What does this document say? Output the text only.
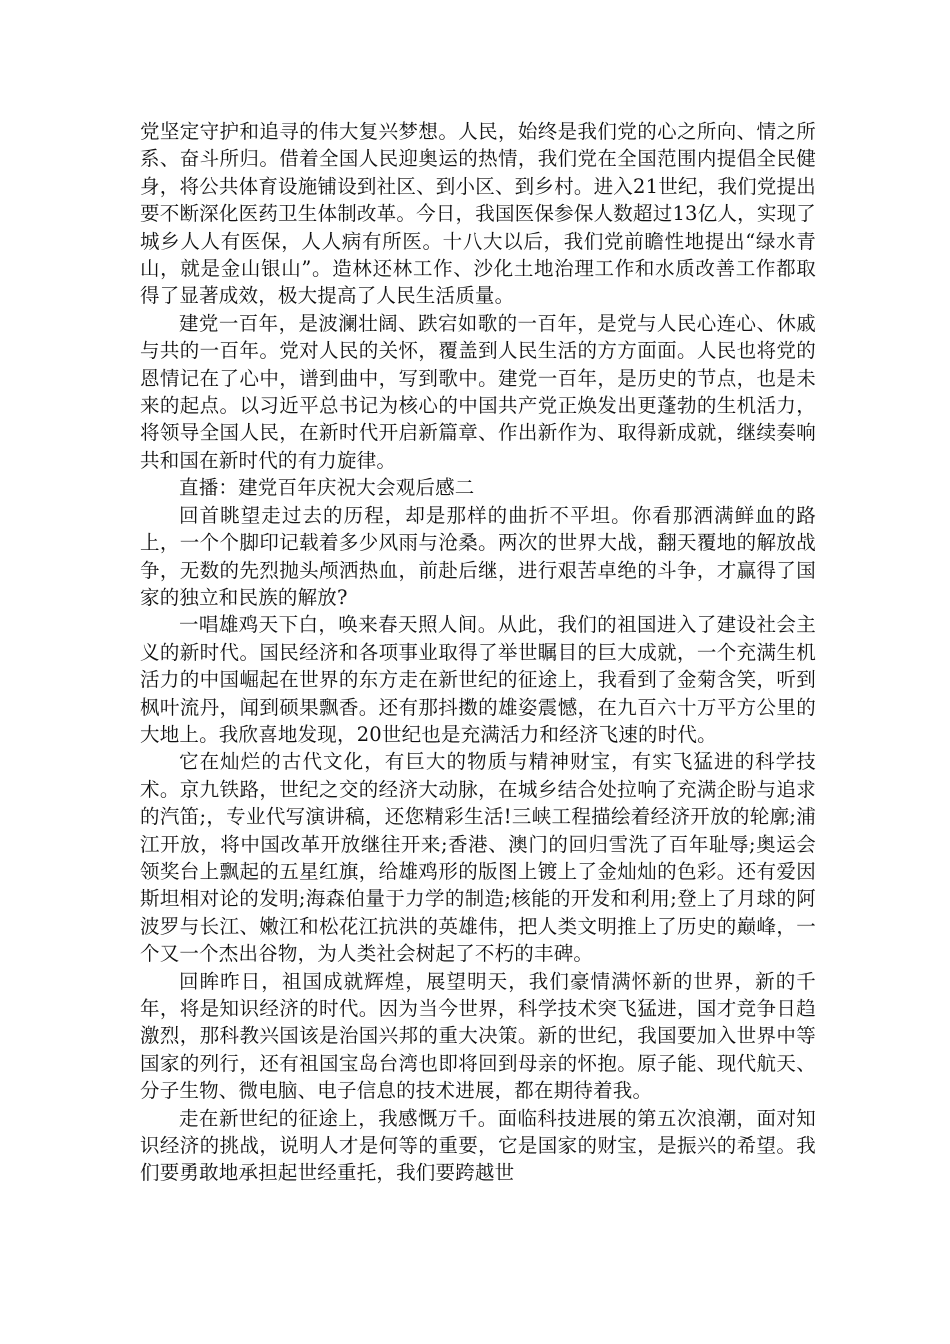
党坚定守护和追寻的伟大复兴梦想。人民，始终是我们党的心之所向、情之所系、奋斗所归。借着全国人民迎奥运的热情，我们党在全国范围内提倡全民健身，将公共体育设施铺设到社区、到小区、到乡村。进入21世纪，我们党提出要不断深化医药卫生体制改革。今日，我国医保参保人数超过13亿人，实现了城乡人人有医保，人人病有所医。十八大以后，我们党前瞻性地提出“绿水青山，就是金山银山”。造林还林工作、沙化土地治理工作和水质改善工作都取得了显著成效，极大提高了人民生活质量。

建党一百年，是波澜壮阔、跌宕如歌的一百年，是党与人民心连心、休戚与共的一百年。党对人民的关怀，覆盖到人民生活的方方面面。人民也将党的恩情记在了心中，谱到曲中，写到歌中。建党一百年，是历史的节点，也是未来的起点。以习近平总书记为核心的中国共产党正焕发出更蓬勃的生机活力，将领导全国人民，在新时代开启新篇章、作出新作为、取得新成就，继续奏响共和国在新时代的有力旋律。

直播：建党百年庆祝大会观后感二

回首眺望走过去的历程，却是那样的曲折不平坦。你看那洒满鲜血的路上，一个个脚印记载着多少风雨与沧桑。两次的世界大战，翻天覆地的解放战争，无数的先烈抛头颅洒热血，前赴后继，进行艰苦卓绝的斗争，才赢得了国家的独立和民族的解放?

一唱雄鸡天下白，唤来春天照人间。从此，我们的祖国进入了建设社会主义的新时代。国民经济和各项事业取得了举世瞩目的巨大成就，一个充满生机活力的中国崛起在世界的东方走在新世纪的征途上，我看到了金菊含笑，听到枫叶流丹，闻到硕果飘香。还有那抖擞的雄姿震憾，在九百六十万平方公里的大地上。我欣喜地发现，20世纪也是充满活力和经济飞速的时代。

它在灿烂的古代文化，有巨大的物质与精神财宝，有实飞猛进的科学技术。京九铁路，世纪之交的经济大动脉，在城乡结合处拉响了充满企盼与追求的汽笛;，专业代写演讲稿，还您精彩生活!三峡工程描绘着经济开放的轮廓;浦江开放，将中国改革开放继往开来;香港、澳门的回归雪洗了百年耻辱;奥运会领奖台上飘起的五星红旗，给雄鸡形的版图上镀上了金灿灿的色彩。还有爱因斯坦相对论的发明;海森伯量于力学的制造;核能的开发和利用;登上了月球的阿波罗与长江、嫩江和松花江抗洪的英雄伟，把人类文明推上了历史的巅峰，一个又一个杰出谷物，为人类社会树起了不朽的丰碑。

回眸昨日，祖国成就辉煌，展望明天，我们豪情满怀新的世界，新的千年，将是知识经济的时代。因为当今世界，科学技术突飞猛进，国才竞争日趋激烈，那科教兴国该是治国兴邦的重大决策。新的世纪，我国要加入世界中等国家的列行，还有祖国宝岛台湾也即将回到母亲的怀抱。原子能、现代航天、分子生物、微电脑、电子信息的技术进展，都在期待着我。

走在新世纪的征途上，我感慨万千。面临科技进展的第五次浪潮，面对知识经济的挑战，说明人才是何等的重要，它是国家的财宝，是振兴的希望。我们要勇敢地承担起世经重托，我们要跨越世
